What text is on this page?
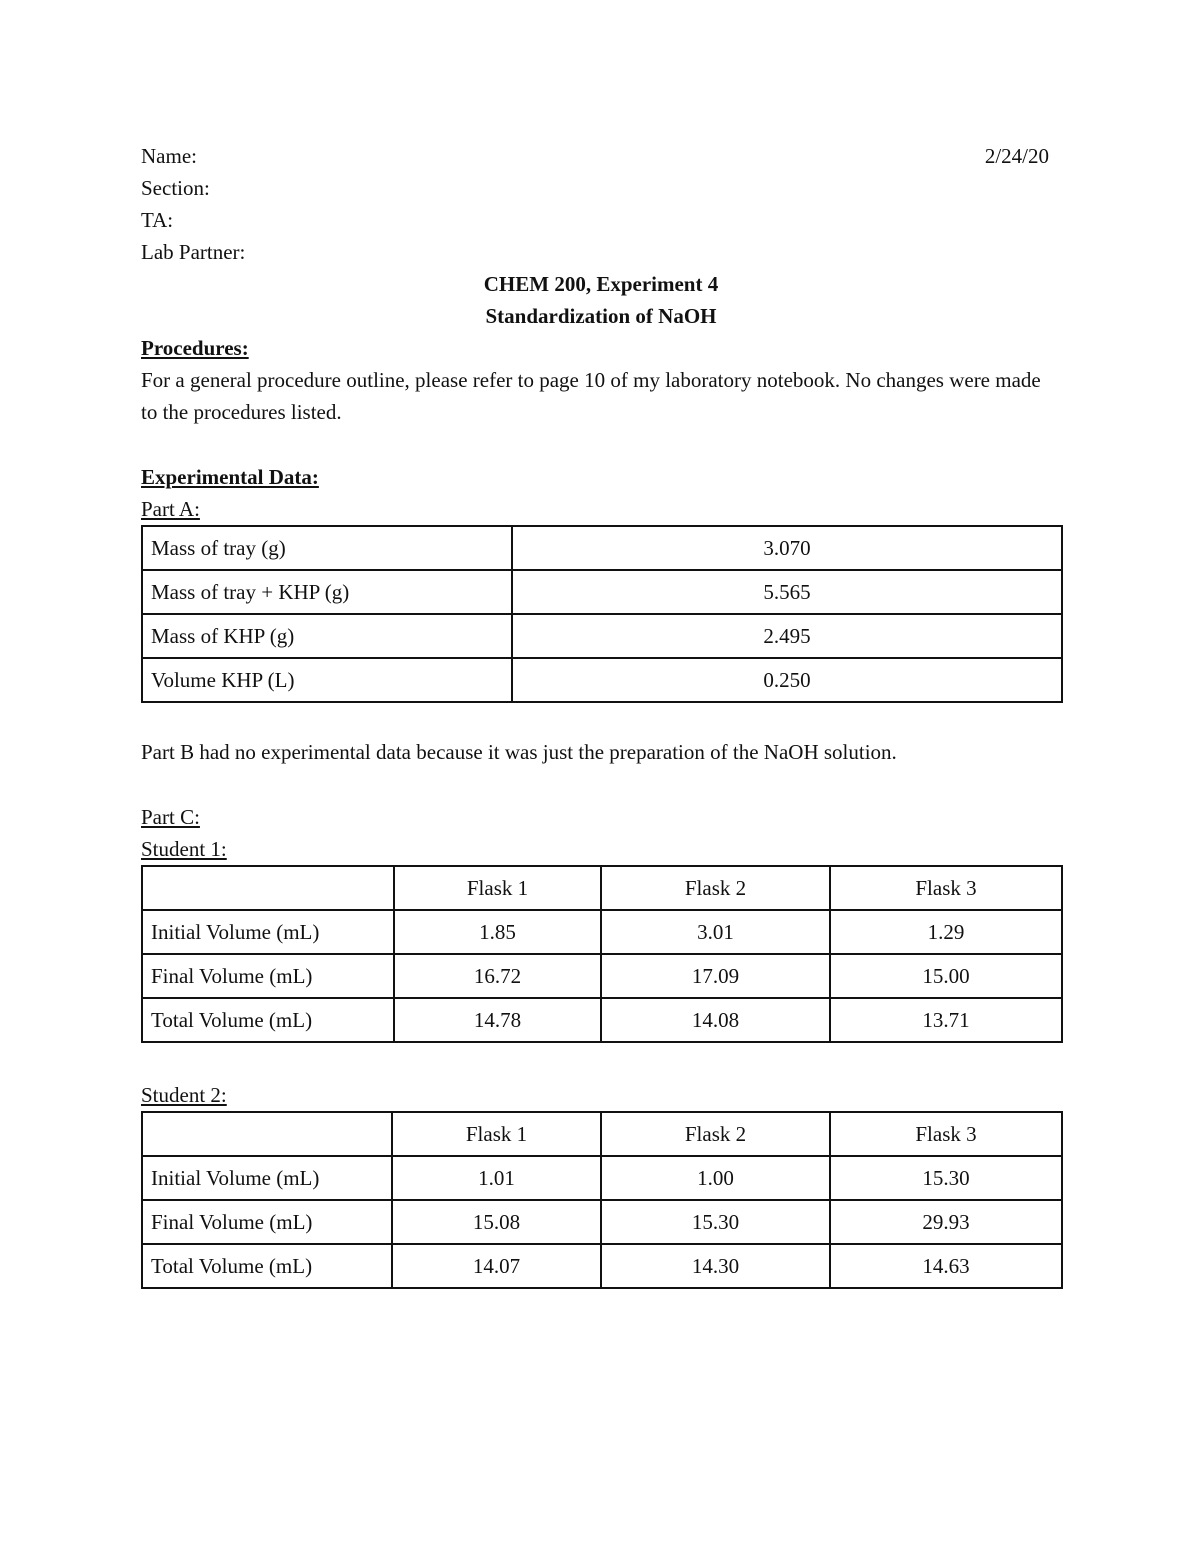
Name:	2/24/20
Section:
TA:
Lab Partner:
CHEM 200, Experiment 4
Standardization of NaOH
Procedures:
For a general procedure outline, please refer to page 10 of my laboratory notebook. No changes were made to the procedures listed.
Experimental Data:
Part A:
Mass of tray (g)	3.070
Mass of tray + KHP (g)	5.565
Mass of KHP (g)	2.495
Volume KHP (L)	0.250
Part B had no experimental data because it was just the preparation of the NaOH solution.
Part C:
Student 1:
	Flask 1	Flask 2	Flask 3
Initial Volume (mL)	1.85	3.01	1.29
Final Volume (mL)	16.72	17.09	15.00
Total Volume (mL)	14.78	14.08	13.71
Student 2:
	Flask 1	Flask 2	Flask 3
Initial Volume (mL)	1.01	1.00	15.30
Final Volume (mL)	15.08	15.30	29.93
Total Volume (mL)	14.07	14.30	14.63
